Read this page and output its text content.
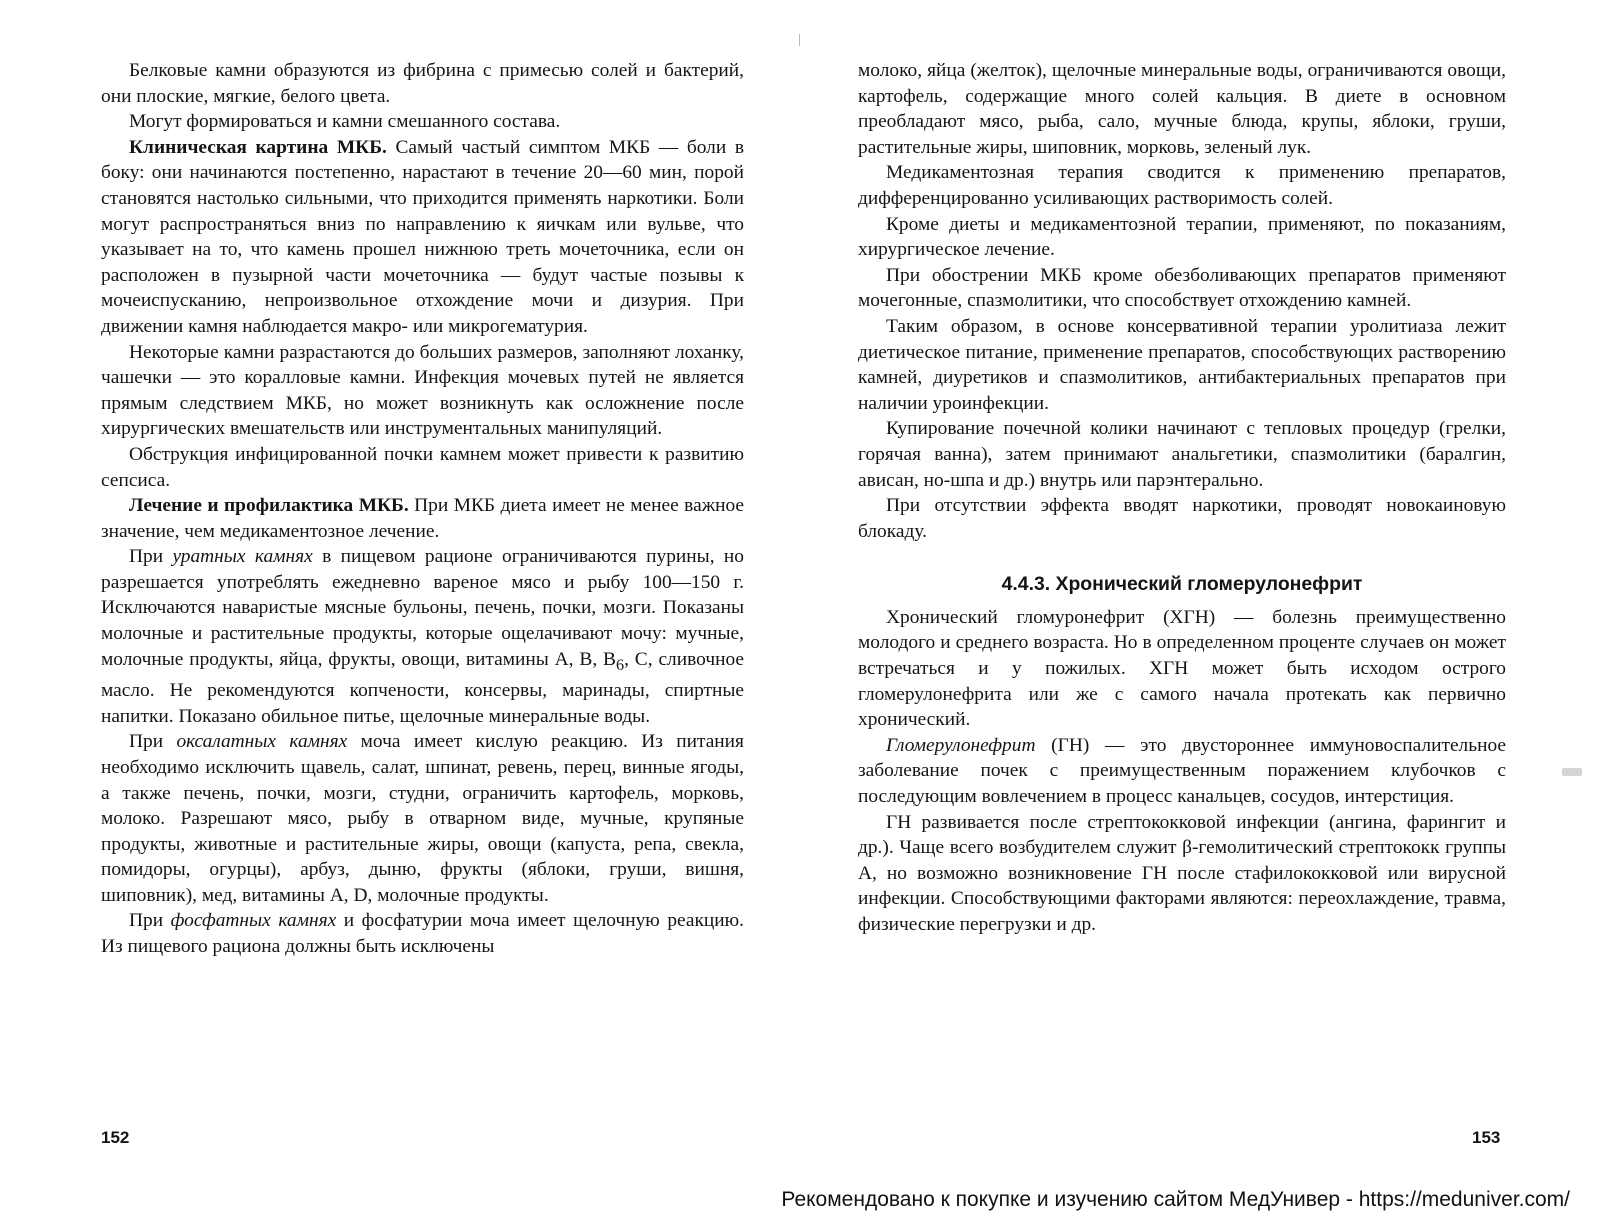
Белковые камни образуются из фибрина с примесью солей и бактерий, они плоские, мягкие, белого цвета.

Могут формироваться и камни смешанного состава.

Клиническая картина МКБ. Самый частый симптом МКБ — боли в боку: они начинаются постепенно, нарастают в течение 20—60 мин, порой становятся настолько сильными, что приходится применять наркотики. Боли могут распространяться вниз по направлению к яичкам или вульве, что указывает на то, что камень прошел нижнюю треть мочеточника, если он расположен в пузырной части мочеточника — будут частые позывы к мочеиспусканию, непроизвольное отхождение мочи и дизурия. При движении камня наблюдается макро- или микрогематурия.

Некоторые камни разрастаются до больших размеров, заполняют лоханку, чашечки — это коралловые камни. Инфекция мочевых путей не является прямым следствием МКБ, но может возникнуть как осложнение после хирургических вмешательств или инструментальных манипуляций.

Обструкция инфицированной почки камнем может привести к развитию сепсиса.

Лечение и профилактика МКБ. При МКБ диета имеет не менее важное значение, чем медикаментозное лечение.

При уратных камнях в пищевом рационе ограничиваются пурины, но разрешается употреблять ежедневно вареное мясо и рыбу 100—150 г. Исключаются наваристые мясные бульоны, печень, почки, мозги. Показаны молочные и растительные продукты, которые ощелачивают мочу: мучные, молочные продукты, яйца, фрукты, овощи, витамины А, В, $В_6$, С, сливочное масло. Не рекомендуются копчености, консервы, маринады, спиртные напитки. Показано обильное питье, щелочные минеральные воды.

При оксалатных камнях моча имеет кислую реакцию. Из питания необходимо исключить щавель, салат, шпинат, ревень, перец, винные ягоды, а также печень, почки, мозги, студни, ограничить картофель, морковь, молоко. Разрешают мясо, рыбу в отварном виде, мучные, крупяные продукты, животные и растительные жиры, овощи (капуста, репа, свекла, помидоры, огурцы), арбуз, дыню, фрукты (яблоки, груши, вишня, шиповник), мед, витамины А, D, молочные продукты.

При фосфатных камнях и фосфатурии моча имеет щелочную реакцию. Из пищевого рациона должны быть исключены

молоко, яйца (желток), щелочные минеральные воды, ограничиваются овощи, картофель, содержащие много солей кальция. В диете в основном преобладают мясо, рыба, сало, мучные блюда, крупы, яблоки, груши, растительные жиры, шиповник, морковь, зеленый лук.

Медикаментозная терапия сводится к применению препаратов, дифференцированно усиливающих растворимость солей.

Кроме диеты и медикаментозной терапии, применяют, по показаниям, хирургическое лечение.

При обострении МКБ кроме обезболивающих препаратов применяют мочегонные, спазмолитики, что способствует отхождению камней.

Таким образом, в основе консервативной терапии уролитиаза лежит диетическое питание, применение препаратов, способствующих растворению камней, диуретиков и спазмолитиков, антибактериальных препаратов при наличии уроинфекции.

Купирование почечной колики начинают с тепловых процедур (грелки, горячая ванна), затем принимают анальгетики, спазмолитики (баралгин, ависан, но-шпа и др.) внутрь или парэнтерально.

При отсутствии эффекта вводят наркотики, проводят новокаиновую блокаду.

4.4.3. Хронический гломерулонефрит

Хронический гломуронефрит (ХГН) — болезнь преимущественно молодого и среднего возраста. Но в определенном проценте случаев он может встречаться и у пожилых. ХГН может быть исходом острого гломерулонефрита или же с самого начала протекать как первично хронический.

Гломерулонефрит (ГН) — это двустороннее иммуновоспалительное заболевание почек с преимущественным поражением клубочков с последующим вовлечением в процесс канальцев, сосудов, интерстиция.

ГН развивается после стрептококковой инфекции (ангина, фарингит и др.). Чаще всего возбудителем служит β-гемолитический стрептококк группы А, но возможно возникновение ГН после стафилококковой или вирусной инфекции. Способствующими факторами являются: переохлаждение, травма, физические перегрузки и др.

152	153
Рекомендовано к покупке и изучению сайтом МедУнивер - https://meduniver.com/
